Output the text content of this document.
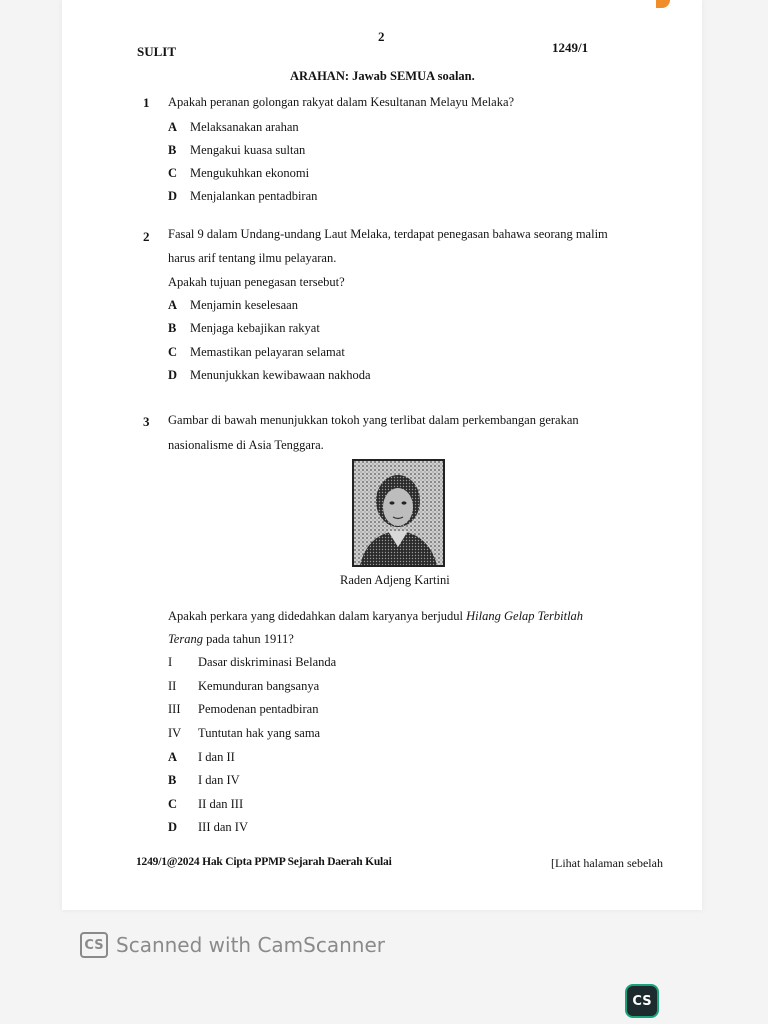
2
SULIT	1249/1
ARAHAN: Jawab SEMUA soalan.
1 Apakah peranan golongan rakyat dalam Kesultanan Melayu Melaka?
A Melaksanakan arahan
B Mengakui kuasa sultan
C Mengukuhkan ekonomi
D Menjalankan pentadbiran
2 Fasal 9 dalam Undang-undang Laut Melaka, terdapat penegasan bahawa seorang malim
harus arif tentang ilmu pelayaran.
Apakah tujuan penegasan tersebut?
A Menjamin keselesaan
B Menjaga kebajikan rakyat
C Memastikan pelayaran selamat
D Menunjukkan kewibawaan nakhoda
3 Gambar di bawah menunjukkan tokoh yang terlibat dalam perkembangan gerakan
nasionalisme di Asia Tenggara.
Raden Adjeng Kartini
Apakah perkara yang didedahkan dalam karyanya berjudul Hilang Gelap Terbitlah
Terang pada tahun 1911?
I Dasar diskriminasi Belanda
II Kemunduran bangsanya
III Pemodenan pentadbiran
IV Tuntutan hak yang sama
A I dan II
B I dan IV
C II dan III
D III dan IV
1249/1@2024 Hak Cipta PPMP Sejarah Daerah Kulai	[Lihat halaman sebelah
CS Scanned with CamScanner
CS
